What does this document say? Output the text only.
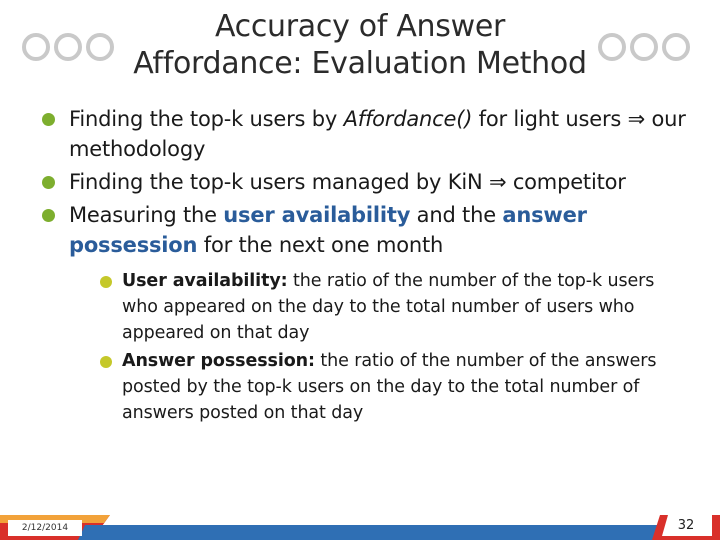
Accuracy of Answer
Affordance: Evaluation Method
Finding the top-k users by Affordance() for light users ⇒ our methodology
Finding the top-k users managed by KiN ⇒ competitor
Measuring the user availability and the answer possession for the next one month
User availability: the ratio of the number of the top-k users who appeared on the day to the total number of users who appeared on that day
Answer possession: the ratio of the number of the answers posted by the top-k users on the day to the total number of answers posted on that day
2/12/2014	32
